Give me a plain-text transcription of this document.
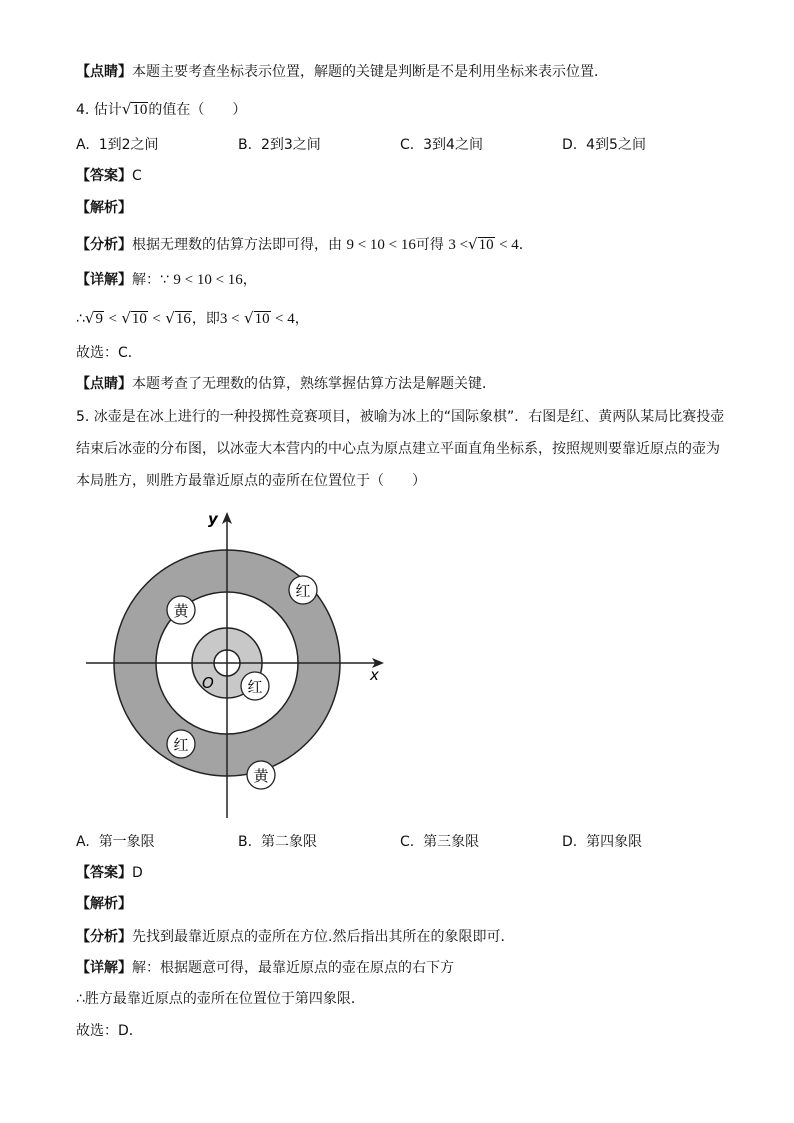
【点睛】本题主要考查坐标表示位置，解题的关键是判断是不是利用坐标来表示位置．
4. 估计√10的值在（　　）
A. 1到2之间	B. 2到3之间	C. 3到4之间	D. 4到5之间
【答案】C
【解析】
【分析】根据无理数的估算方法即可得，由 9 < 10 < 16可得 3 <√10 < 4．
【详解】解：∵ 9 < 10 < 16，
∴√9 < √10 < √16，即3 < √10 < 4，
故选：C．
【点睛】本题考查了无理数的估算，熟练掌握估算方法是解题关键．
5. 冰壶是在冰上进行的一种投掷性竞赛项目，被喻为冰上的“国际象棋”．右图是红、黄两队某局比赛投壶结束后冰壶的分布图，以冰壶大本营内的中心点为原点建立平面直角坐标系，按照规则要靠近原点的壶为本局胜方，则胜方最靠近原点的壶所在位置位于（　　）
x
y
O
红
黄
红
红
黄
A. 第一象限	B. 第二象限	C. 第三象限	D. 第四象限
【答案】D
【解析】
【分析】先找到最靠近原点的壶所在方位.然后指出其所在的象限即可．
【详解】解：根据题意可得，最靠近原点的壶在原点的右下方
∴胜方最靠近原点的壶所在位置位于第四象限．
故选：D．
